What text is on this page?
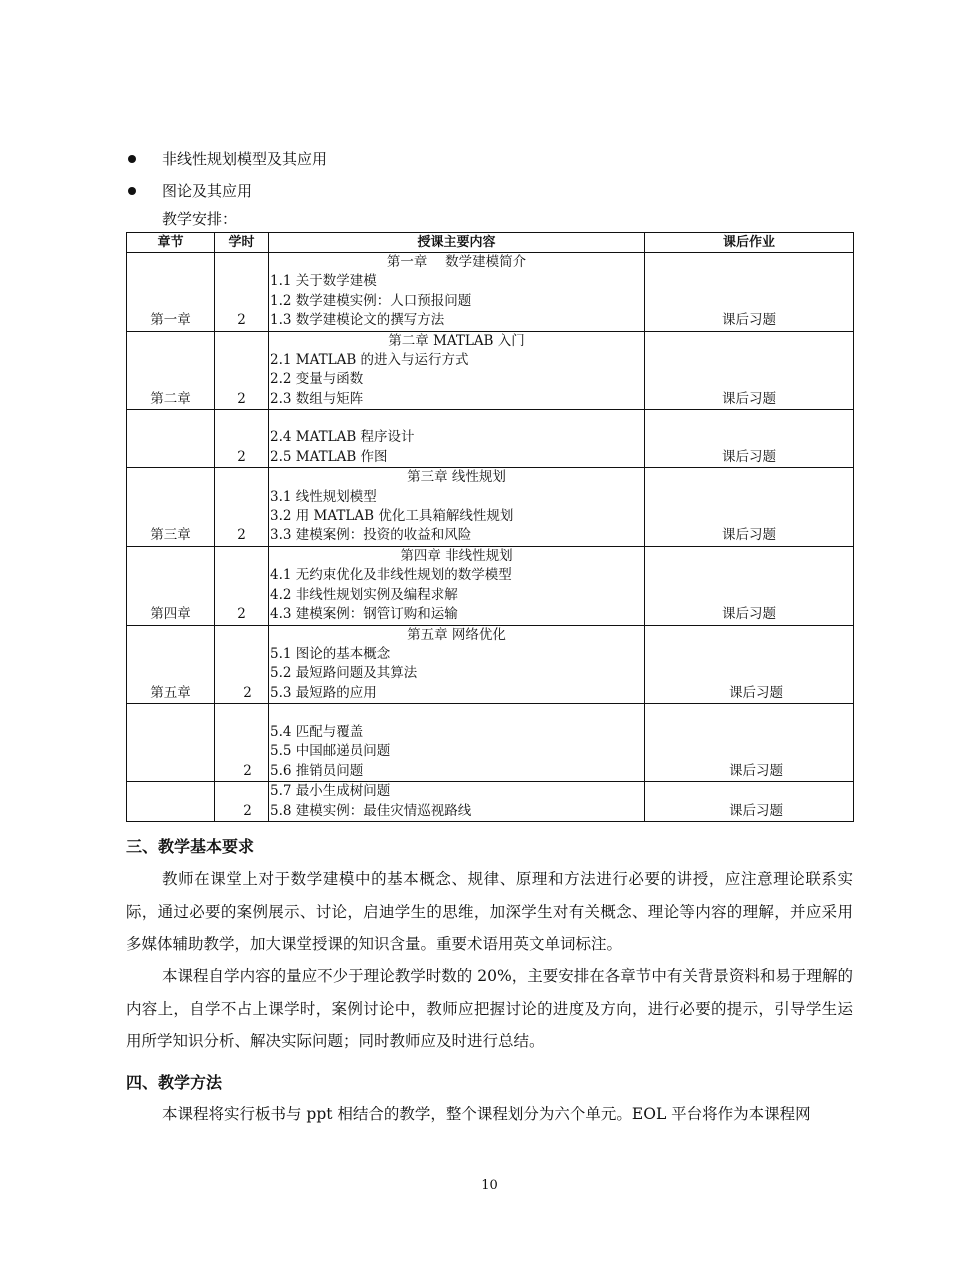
非线性规划模型及其应用
图论及其应用
教学安排：
章节	学时	授课主要内容	课后作业
第一章	2	第一章　 数学建模简介
1.1 关于数学建模
1.2 数学建模实例：人口预报问题
1.3 数学建模论文的撰写方法	课后习题
第二章	2	第二章 MATLAB 入门
2.1 MATLAB 的进入与运行方式
2.2 变量与函数
2.3 数组与矩阵	课后习题
	2	2.4 MATLAB 程序设计
2.5 MATLAB 作图	课后习题
第三章	2	第三章 线性规划
3.1 线性规划模型
3.2 用 MATLAB 优化工具箱解线性规划
3.3 建模案例：投资的收益和风险	课后习题
第四章	2	第四章 非线性规划
4.1 无约束优化及非线性规划的数学模型
4.2 非线性规划实例及编程求解
4.3 建模案例：钢管订购和运输	课后习题
第五章	2	第五章 网络优化
5.1 图论的基本概念
5.2 最短路问题及其算法
5.3 最短路的应用	课后习题
	2	5.4 匹配与覆盖
5.5 中国邮递员问题
5.6 推销员问题	课后习题
	2	5.7 最小生成树问题
5.8 建模实例：最佳灾情巡视路线	课后习题
三、教学基本要求

教师在课堂上对于数学建模中的基本概念、规律、原理和方法进行必要的讲授，应注意理论联系实际，通过必要的案例展示、讨论，启迪学生的思维，加深学生对有关概念、理论等内容的理解，并应采用多媒体辅助教学，加大课堂授课的知识含量。重要术语用英文单词标注。

本课程自学内容的量应不少于理论教学时数的 20%，主要安排在各章节中有关背景资料和易于理解的内容上，自学不占上课学时，案例讨论中，教师应把握讨论的进度及方向，进行必要的提示，引导学生运用所学知识分析、解决实际问题；同时教师应及时进行总结。

四、教学方法

本课程将实行板书与 ppt 相结合的教学，整个课程划分为六个单元。EOL 平台将作为本课程网

10
